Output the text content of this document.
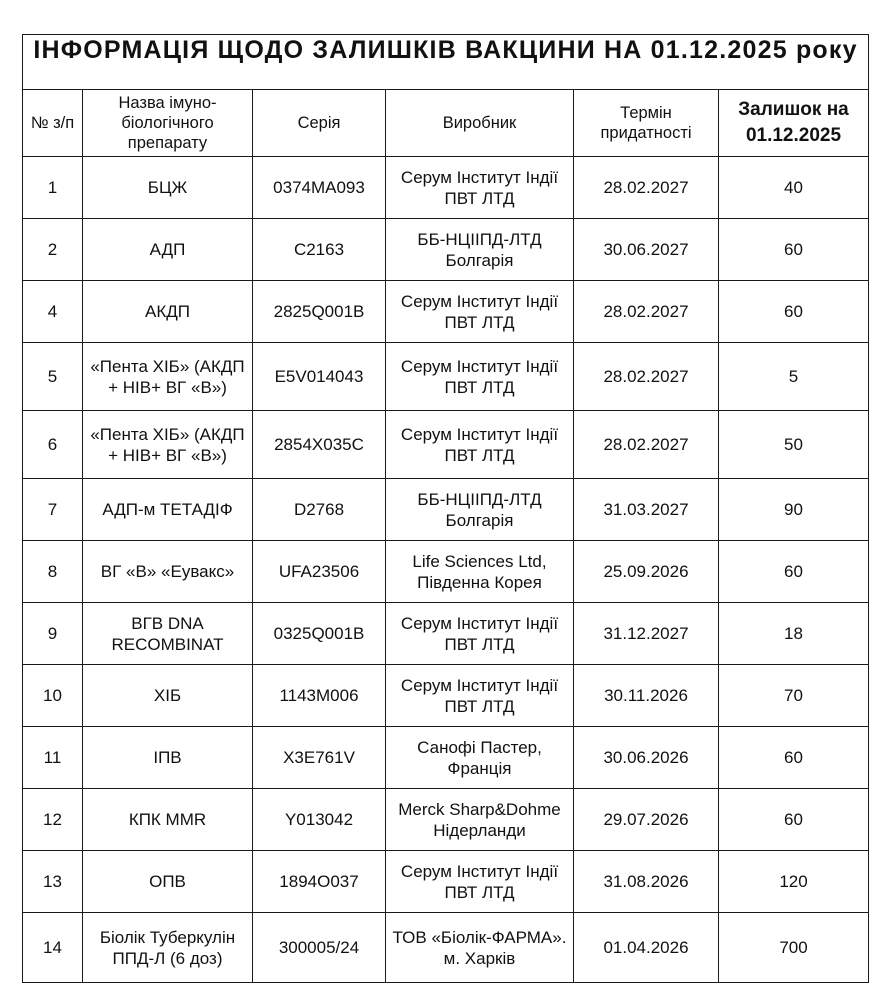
ІНФОРМАЦІЯ ЩОДО ЗАЛИШКІВ ВАКЦИНИ НА 01.12.2025 року					

№ з/п	Назва імуно-біологічного препарату	Серія	Виробник	Термін придатності	Залишок на 01.12.2025
1	БЦЖ	0374MA093	Серум Інститут Індії ПВТ ЛТД	28.02.2027	40
2	АДП	C2163	ББ-НЦІІПД-ЛТД Болгарія	30.06.2027	60
4	АКДП	2825Q001B	Серум Інститут Індії ПВТ ЛТД	28.02.2027	60
5	«Пента ХІБ» (АКДП + HIB+ ВГ «В»)	E5V014043	Серум Інститут Індії ПВТ ЛТД	28.02.2027	5
6	«Пента ХІБ» (АКДП + HIB+ ВГ «В»)	2854X035C	Серум Інститут Індії ПВТ ЛТД	28.02.2027	50
7	АДП-м ТЕТАДІФ	D2768	ББ-НЦІІПД-ЛТД Болгарія	31.03.2027	90
8	ВГ «В» «Еувакс»	UFA23506	Life Sciences Ltd, Південна Корея	25.09.2026	60
9	ВГВ DNA RECOMBINAT	0325Q001B	Серум Інститут Індії ПВТ ЛТД	31.12.2027	18
10	ХІБ	1143M006	Серум Інститут Індії ПВТ ЛТД	30.11.2026	70
11	ІПВ	X3E761V	Санофі Пастер, Франція	30.06.2026	60
12	КПК MMR	Y013042	Merck Sharp&Dohme Нідерланди	29.07.2026	60
13	ОПВ	1894O037	Серум Інститут Індії ПВТ ЛТД	31.08.2026	120
14	Біолік Туберкулін ППД-Л (6 доз)	300005/24	ТОВ «Біолік-ФАРМА». м. Харків	01.04.2026	700
